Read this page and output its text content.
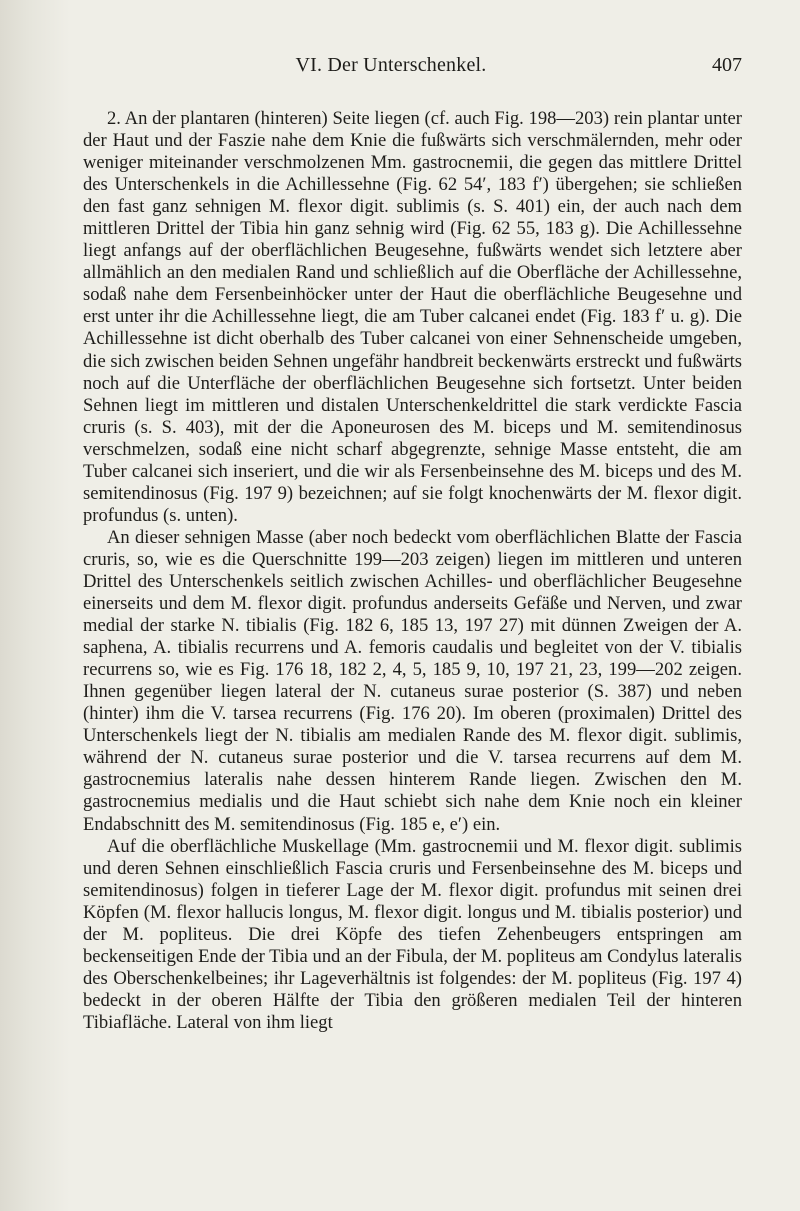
VI. Der Unterschenkel.	407

2. An der plantaren (hinteren) Seite liegen (cf. auch Fig. 198—203) rein plantar unter der Haut und der Faszie nahe dem Knie die fußwärts sich verschmälernden, mehr oder weniger miteinander verschmolzenen Mm. gastrocnemii, die gegen das mittlere Drittel des Unterschenkels in die Achillessehne (Fig. 62 54′, 183 f′) übergehen; sie schließen den fast ganz sehnigen M. flexor digit. sublimis (s. S. 401) ein, der auch nach dem mittleren Drittel der Tibia hin ganz sehnig wird (Fig. 62 55, 183 g). Die Achillessehne liegt anfangs auf der oberflächlichen Beugesehne, fußwärts wendet sich letztere aber allmählich an den medialen Rand und schließlich auf die Oberfläche der Achillessehne, sodaß nahe dem Fersenbeinhöcker unter der Haut die oberflächliche Beugesehne und erst unter ihr die Achillessehne liegt, die am Tuber calcanei endet (Fig. 183 f′ u. g). Die Achillessehne ist dicht oberhalb des Tuber calcanei von einer Sehnenscheide umgeben, die sich zwischen beiden Sehnen ungefähr handbreit beckenwärts erstreckt und fußwärts noch auf die Unterfläche der oberflächlichen Beugesehne sich fortsetzt. Unter beiden Sehnen liegt im mittleren und distalen Unterschenkeldrittel die stark verdickte Fascia cruris (s. S. 403), mit der die Aponeurosen des M. biceps und M. semitendinosus verschmelzen, sodaß eine nicht scharf abgegrenzte, sehnige Masse entsteht, die am Tuber calcanei sich inseriert, und die wir als Fersenbeinsehne des M. biceps und des M. semitendinosus (Fig. 197 9) bezeichnen; auf sie folgt knochenwärts der M. flexor digit. profundus (s. unten).

An dieser sehnigen Masse (aber noch bedeckt vom oberflächlichen Blatte der Fascia cruris, so, wie es die Querschnitte 199—203 zeigen) liegen im mittleren und unteren Drittel des Unterschenkels seitlich zwischen Achilles- und oberflächlicher Beugesehne einerseits und dem M. flexor digit. profundus anderseits Gefäße und Nerven, und zwar medial der starke N. tibialis (Fig. 182 6, 185 13, 197 27) mit dünnen Zweigen der A. saphena, A. tibialis recurrens und A. femoris caudalis und begleitet von der V. tibialis recurrens so, wie es Fig. 176 18, 182 2, 4, 5, 185 9, 10, 197 21, 23, 199—202 zeigen. Ihnen gegenüber liegen lateral der N. cutaneus surae posterior (S. 387) und neben (hinter) ihm die V. tarsea recurrens (Fig. 176 20). Im oberen (proximalen) Drittel des Unterschenkels liegt der N. tibialis am medialen Rande des M. flexor digit. sublimis, während der N. cutaneus surae posterior und die V. tarsea recurrens auf dem M. gastrocnemius lateralis nahe dessen hinterem Rande liegen. Zwischen den M. gastrocnemius medialis und die Haut schiebt sich nahe dem Knie noch ein kleiner Endabschnitt des M. semitendinosus (Fig. 185 e, e′) ein.

Auf die oberflächliche Muskellage (Mm. gastrocnemii und M. flexor digit. sublimis und deren Sehnen einschließlich Fascia cruris und Fersenbeinsehne des M. biceps und semitendinosus) folgen in tieferer Lage der M. flexor digit. profundus mit seinen drei Köpfen (M. flexor hallucis longus, M. flexor digit. longus und M. tibialis posterior) und der M. popliteus. Die drei Köpfe des tiefen Zehenbeugers entspringen am beckenseitigen Ende der Tibia und an der Fibula, der M. popliteus am Condylus lateralis des Oberschenkelbeines; ihr Lageverhältnis ist folgendes: der M. popliteus (Fig. 197 4) bedeckt in der oberen Hälfte der Tibia den größeren medialen Teil der hinteren Tibiafläche. Lateral von ihm liegt
